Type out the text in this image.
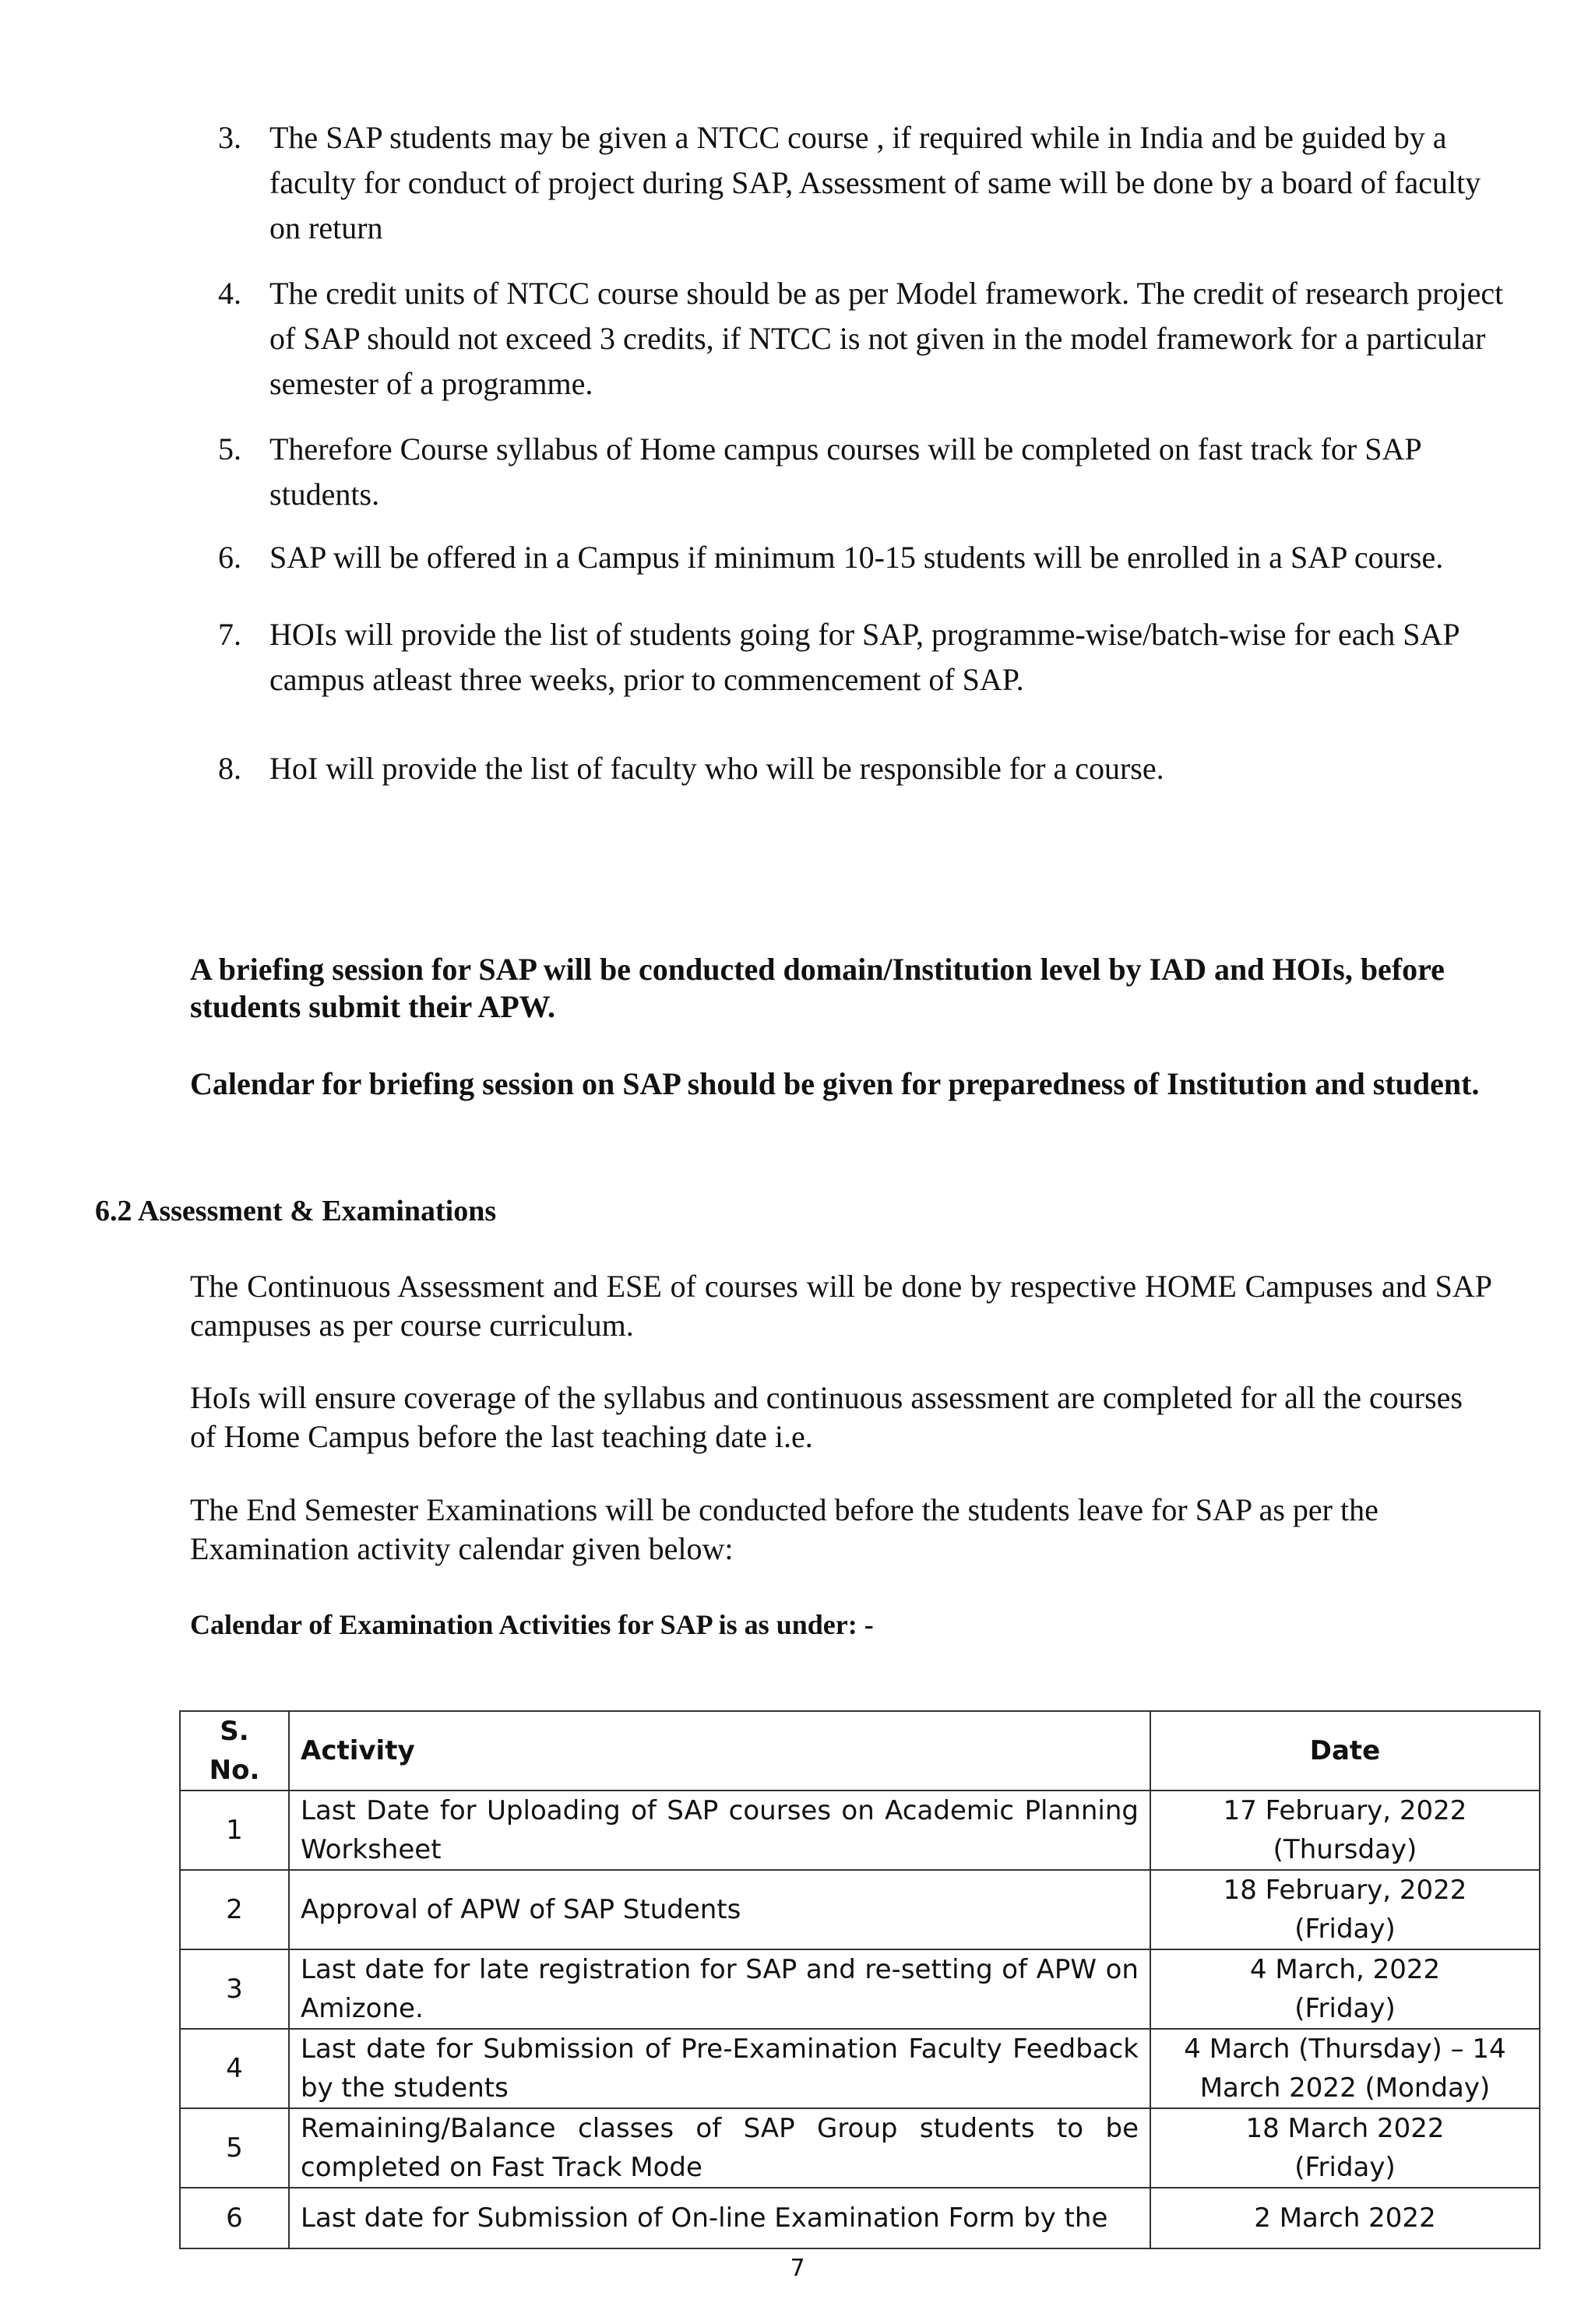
3. The SAP students may be given a NTCC course , if required while in India and be guided by a faculty for conduct of project during SAP, Assessment of same will be done by a board of faculty on return
4. The credit units of NTCC course should be as per Model framework. The credit of research project of SAP should not exceed 3 credits, if NTCC is not given in the model framework for a particular semester of a programme.
5. Therefore Course syllabus of Home campus courses will be completed on fast track for SAP students.
6. SAP will be offered in a Campus if minimum 10-15 students will be enrolled in a SAP course.
7. HOIs will provide the list of students going for SAP, programme-wise/batch-wise for each SAP campus atleast three weeks, prior to commencement of SAP.
8. HoI will provide the list of faculty who will be responsible for a course.

A briefing session for SAP will be conducted domain/Institution level by IAD and HOIs, before students submit their APW.

Calendar for briefing session on SAP should be given for preparedness of Institution and student.

6.2 Assessment & Examinations

The Continuous Assessment and ESE of courses will be done by respective HOME Campuses and SAP campuses as per course curriculum.

HoIs will ensure coverage of the syllabus and continuous assessment are completed for all the courses of Home Campus before the last teaching date i.e.

The End Semester Examinations will be conducted before the students leave for SAP as per the Examination activity calendar given below:

Calendar of Examination Activities for SAP is as under: -

S. No.	Activity	Date
1	Last Date for Uploading of SAP courses on Academic Planning Worksheet	17 February, 2022
(Thursday)

2	Approval of APW of SAP Students	18 February, 2022
(Friday)

3	Last date for late registration for SAP and re-setting of APW on Amizone.	4 March, 2022
(Friday)

4	Last date for Submission of Pre-Examination Faculty Feedback by the students	4 March (Thursday) – 14
March 2022 (Monday)

5	Remaining/Balance classes of SAP Group students to be completed on Fast Track Mode	18 March 2022
(Friday)

6	Last date for Submission of On-line Examination Form by the	2 March 2022

7
